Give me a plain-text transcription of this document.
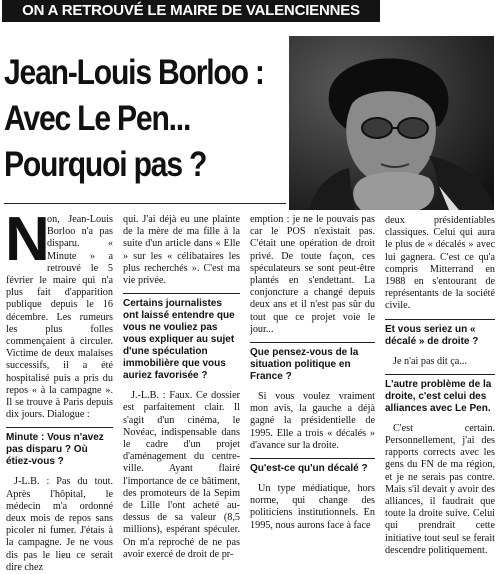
ON A RETROUVÉ LE MAIRE DE VALENCIENNES
Jean-Louis Borloo :
Avec Le Pen...
Pourquoi pas ?
N

on, Jean-Louis Borloo n'a pas disparu. « Minute » a retrouvé le 5 février le maire qui n'a plus fait d'apparition publique depuis le 16 décembre. Les rumeurs les plus folles commençaient à circuler. Victime de deux malaises successifs, il a été hospitalisé puis a pris du repos « à la campagne ». Il se trouve à Paris depuis dix jours. Dialogue :

Minute : Vous n'avez pas disparu ? Où étiez-vous ?

J-L.B. : Pas du tout. Après l'hôpital, le médecin m'a ordonné deux mois de repos sans picoler ni fumer. J'étais à la campagne. Je ne vous dis pas le lieu ce serait dire chez

qui. J'ai déjà eu une plainte de la mère de ma fille à la suite d'un article dans « Elle » sur les « célibataires les plus recherchés ». C'est ma vie privée.

Certains journalistes ont laissé entendre que vous ne vouliez pas vous expliquer au sujet d'une spéculation immobilière que vous auriez favorisée ?

J.-L.B. : Faux. Ce dossier est parfaitement clair. Il s'agit d'un cinéma, le Novéac, indispensable dans le cadre d'un projet d'aménagement du centre-ville. Ayant flairé l'importance de ce bâtiment, des promoteurs de la Sepim de Lille l'ont acheté au-dessus de sa valeur (8,5 millions), espérant spéculer. On m'a reproché de ne pas avoir exercé de droit de pr-

emption : je ne le pouvais pas car le POS n'existait pas. C'était une opération de droit privé. De toute façon, ces spéculateurs se sont peut-être plantés en s'endettant. La conjoncture a changé depuis deux ans et il n'est pas sûr du tout que ce projet voie le jour...

Que pensez-vous de la situation politique en France ?

Si vous voulez vraiment mon avis, la gauche a déjà gagné la présidentielle de 1995. Elle a trois « décalés » d'avance sur la droite.

Qu'est-ce qu'un décalé ?

Un type médiatique, hors norme, qui change des politiciens institutionnels. En 1995, nous aurons face à face

deux présidentiables classiques. Celui qui aura le plus de « décalés » avec lui gagnera. C'est ce qu'a compris Mitterrand en 1988 en s'entourant de représentants de la société civile.

Et vous seriez un « décalé » de droite ?

Je n'ai pas dit ça...

L'autre problème de la droite, c'est celui des alliances avec Le Pen.

C'est certain. Personnellement, j'ai des rapports corrects avec les gens du FN de ma région, et je ne serais pas contre. Mais s'il devait y avoir des alliances, il faudrait que toute la droite suive. Celui qui prendrait cette initiative tout seul se ferait descendre politiquement.
